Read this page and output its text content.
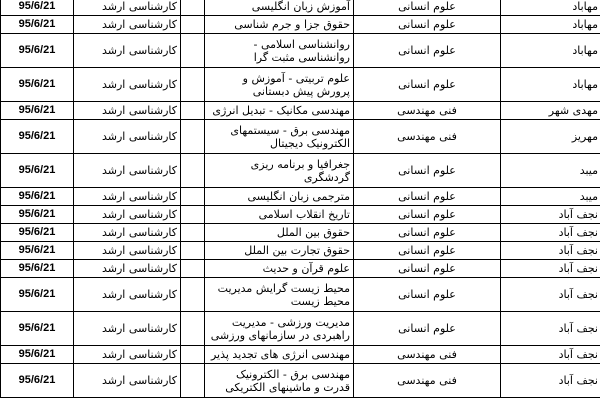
95/6/21	کارشناسی ارشد		آموزش زبان انگلیسی	علوم انسانی	مهاباد
95/6/21	کارشناسی ارشد		حقوق جزا و جرم شناسی	علوم انسانی	مهاباد
95/6/21	کارشناسی ارشد		روانشناسی اسلامی - روانشناسی مثبت گرا	علوم انسانی	مهاباد
95/6/21	کارشناسی ارشد		علوم تربیتی - آموزش و پرورش پیش دبستانی	علوم انسانی	مهاباد
95/6/21	کارشناسی ارشد		مهندسی مکانیک - تبدیل انرژی	فنی مهندسی	مهدی شهر
95/6/21	کارشناسی ارشد		مهندسی برق - سیستمهای الکترونیک دیجیتال	فنی مهندسی	مهریز
95/6/21	کارشناسی ارشد		جغرافیا و برنامه ریزی گردشگری	علوم انسانی	میبد
95/6/21	کارشناسی ارشد		مترجمی زبان انگلیسی	علوم انسانی	میبد
95/6/21	کارشناسی ارشد		تاریخ انقلاب اسلامی	علوم انسانی	نجف آباد
95/6/21	کارشناسی ارشد		حقوق بین الملل	علوم انسانی	نجف آباد
95/6/21	کارشناسی ارشد		حقوق تجارت بین الملل	علوم انسانی	نجف آباد
95/6/21	کارشناسی ارشد		علوم قرآن و حدیث	علوم انسانی	نجف آباد
95/6/21	کارشناسی ارشد		محیط زیست گرایش مدیریت محیط زیست	علوم انسانی	نجف آباد
95/6/21	کارشناسی ارشد		مدیریت ورزشی - مدیریت راهبردی در سازمانهای ورزشی	علوم انسانی	نجف آباد
95/6/21	کارشناسی ارشد		مهندسی انرژی های تجدید پذیر	فنی مهندسی	نجف آباد
95/6/21	کارشناسی ارشد		مهندسی برق - الکترونیک قدرت و ماشینهای الکتریکی	فنی مهندسی	نجف آباد
